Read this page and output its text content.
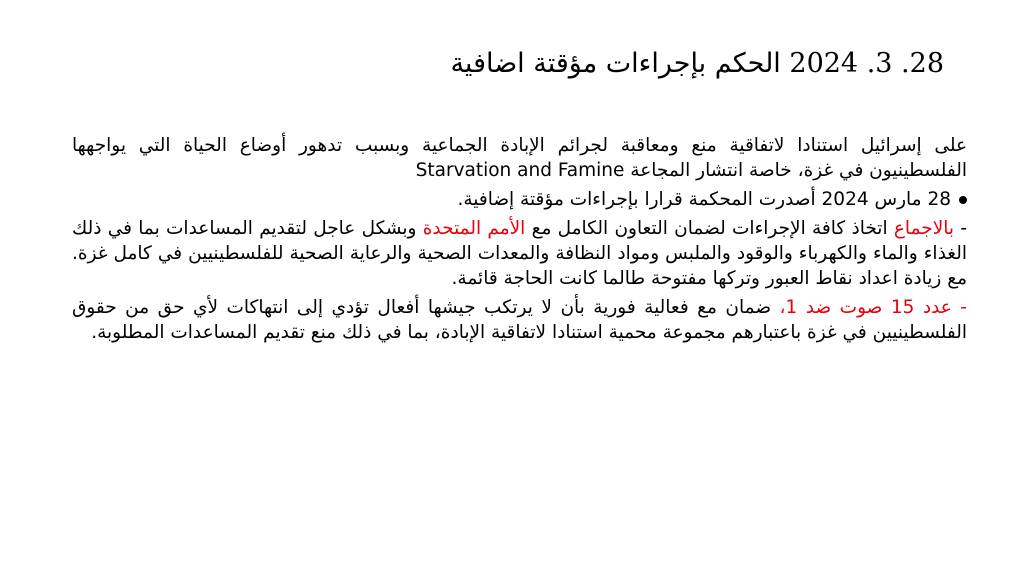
28. 3. 2024 الحكم بإجراءات مؤقتة اضافية

على إسرائيل استنادا لاتفاقية منع ومعاقبة لجرائم الإبادة الجماعية وبسبب تدهور أوضاع الحياة التي يواجهها الفلسطينيون في غزة، خاصة انتشار المجاعة Starvation and Famine

28 مارس 2024 أصدرت المحكمة قرارا بإجراءات مؤقتة إضافية.

- بالاجماع اتخاذ كافة الإجراءات لضمان التعاون الكامل مع الأمم المتحدة وبشكل عاجل لتقديم المساعدات بما في ذلك الغذاء والماء والكهرباء والوقود والملبس ومواد النظافة والمعدات الصحية والرعاية الصحية للفلسطينيين في كامل غزة. مع زيادة اعداد نقاط العبور وتركها مفتوحة طالما كانت الحاجة قائمة.

- عدد 15 صوت ضد 1، ضمان مع فعالية فورية بأن لا يرتكب جيشها أفعال تؤدي إلى انتهاكات لأي حق من حقوق الفلسطينيين في غزة باعتبارهم مجموعة محمية استنادا لاتفاقية الإبادة، بما في ذلك منع تقديم المساعدات المطلوبة.
